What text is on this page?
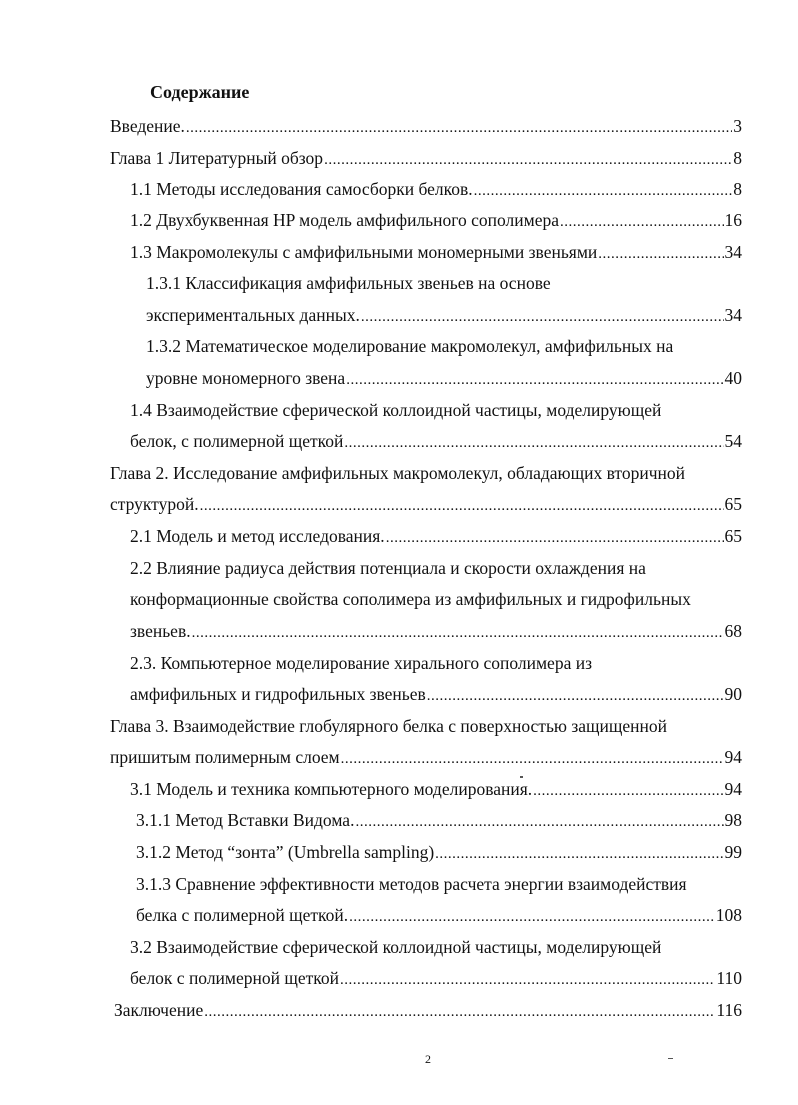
Содержание
Введение. .....	3
Глава 1 Литературный обзор .....	8
1.1 Методы исследования самосборки белков. .....	8
1.2 Двухбуквенная HP модель амфифильного сополимера .....	16
1.3 Макромолекулы с амфифильными мономерными звеньями .....	34
1.3.1 Классификация амфифильных звеньев на основе
экспериментальных данных. .....	34
1.3.2 Математическое моделирование макромолекул, амфифильных на
уровне мономерного звена .....	40
1.4 Взаимодействие сферической коллоидной частицы, моделирующей
белок, с полимерной щеткой .....	54
Глава 2. Исследование амфифильных макромолекул, обладающих вторичной
структурой. .....	65
2.1 Модель и метод исследования. .....	65
2.2 Влияние радиуса действия потенциала и скорости охлаждения на
конформационные свойства сополимера из амфифильных и гидрофильных
звеньев. .....	68
2.3. Компьютерное моделирование хирального сополимера из
амфифильных и гидрофильных звеньев .....	90
Глава 3. Взаимодействие глобулярного белка с поверхностью защищенной
пришитым полимерным слоем .....	94
3.1 Модель и техника компьютерного моделирования. .....	94
3.1.1 Метод Вставки Видома. .....	98
3.1.2 Метод “зонта” (Umbrella sampling) .....	99
3.1.3 Сравнение эффективности методов расчета энергии взаимодействия
белка с полимерной щеткой. .....	108
3.2 Взаимодействие сферической коллоидной частицы, моделирующей
белок с полимерной щеткой .....	110
Заключение .....	116
2
